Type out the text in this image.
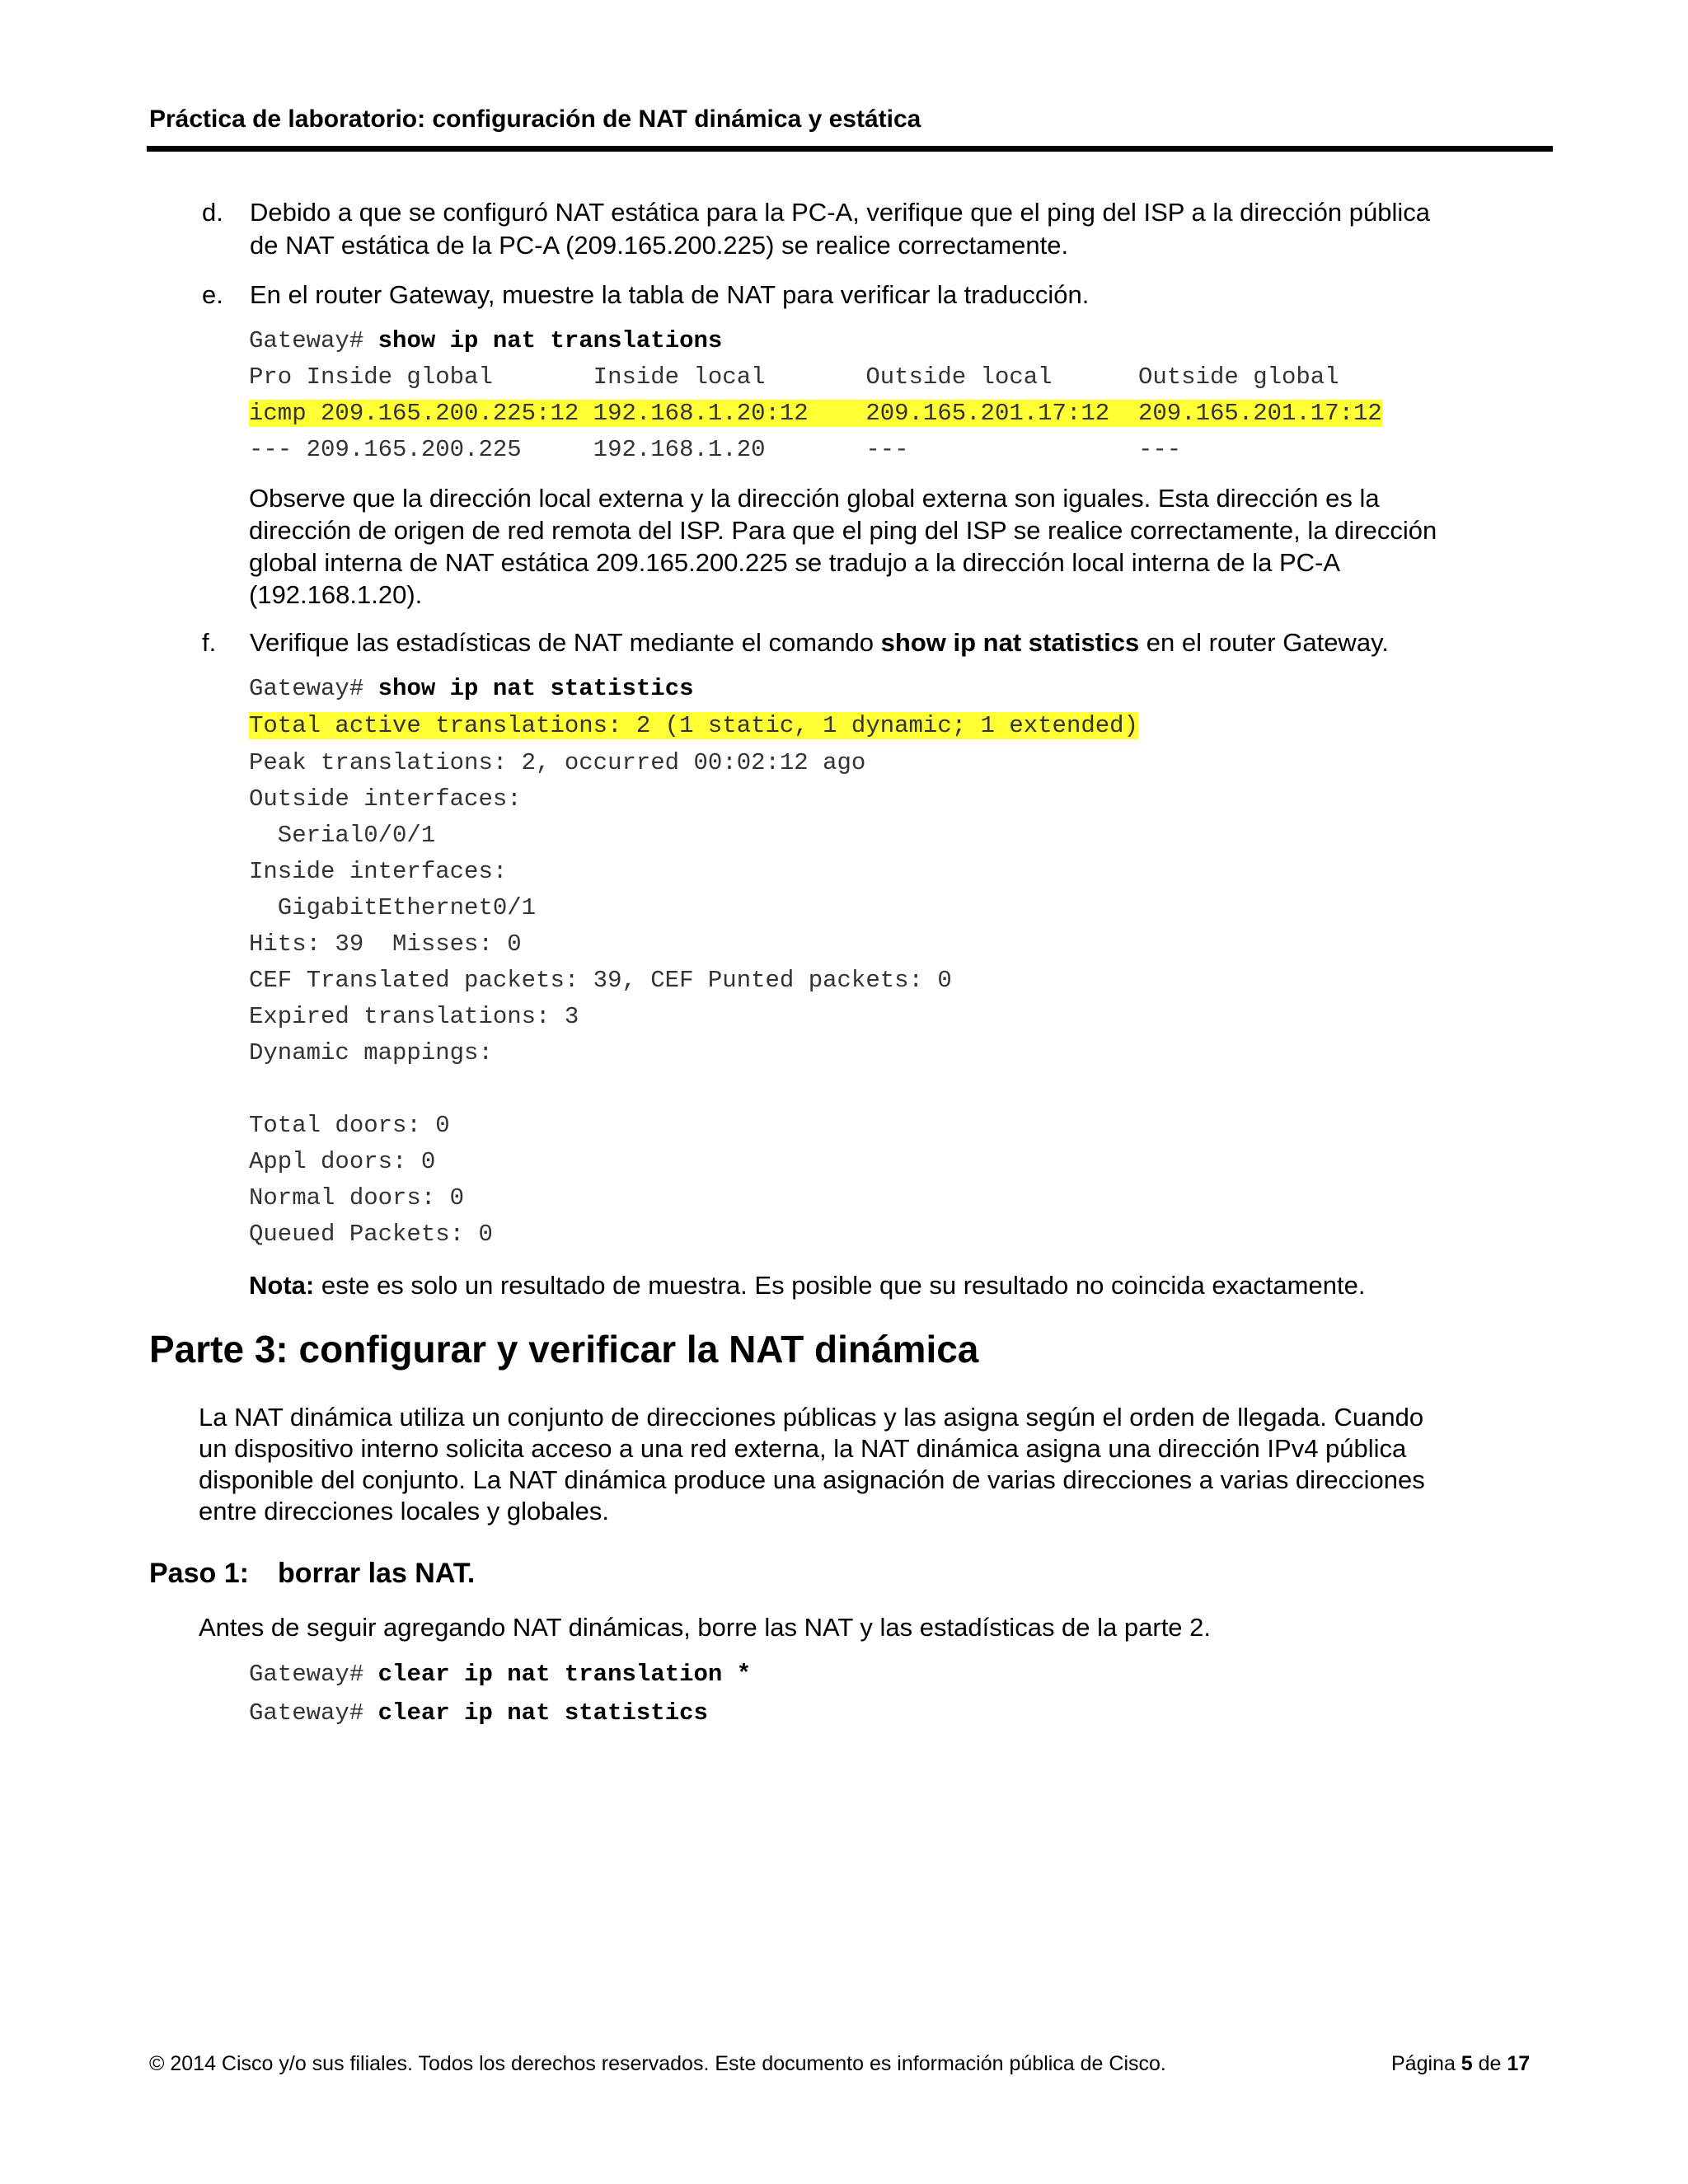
Práctica de laboratorio: configuración de NAT dinámica y estática
d. Debido a que se configuró NAT estática para la PC-A, verifique que el ping del ISP a la dirección pública
de NAT estática de la PC-A (209.165.200.225) se realice correctamente.
e. En el router Gateway, muestre la tabla de NAT para verificar la traducción.
Gateway# show ip nat translations
Pro Inside global       Inside local       Outside local      Outside global
icmp 209.165.200.225:12 192.168.1.20:12    209.165.201.17:12  209.165.201.17:12
--- 209.165.200.225     192.168.1.20       ---                ---
Observe que la dirección local externa y la dirección global externa son iguales. Esta dirección es la
dirección de origen de red remota del ISP. Para que el ping del ISP se realice correctamente, la dirección
global interna de NAT estática 209.165.200.225 se tradujo a la dirección local interna de la PC-A
(192.168.1.20).
f. Verifique las estadísticas de NAT mediante el comando show ip nat statistics en el router Gateway.
Gateway# show ip nat statistics
Total active translations: 2 (1 static, 1 dynamic; 1 extended)
Peak translations: 2, occurred 00:02:12 ago
Outside interfaces:
Serial0/0/1
Inside interfaces:
GigabitEthernet0/1
Hits: 39  Misses: 0
CEF Translated packets: 39, CEF Punted packets: 0
Expired translations: 3
Dynamic mappings:

Total doors: 0
Appl doors: 0
Normal doors: 0
Queued Packets: 0
Nota: este es solo un resultado de muestra. Es posible que su resultado no coincida exactamente.
Parte 3: configurar y verificar la NAT dinámica
La NAT dinámica utiliza un conjunto de direcciones públicas y las asigna según el orden de llegada. Cuando
un dispositivo interno solicita acceso a una red externa, la NAT dinámica asigna una dirección IPv4 pública
disponible del conjunto. La NAT dinámica produce una asignación de varias direcciones a varias direcciones
entre direcciones locales y globales.
Paso 1: borrar las NAT.
Antes de seguir agregando NAT dinámicas, borre las NAT y las estadísticas de la parte 2.
Gateway# clear ip nat translation *
Gateway# clear ip nat statistics
© 2014 Cisco y/o sus filiales. Todos los derechos reservados. Este documento es información pública de Cisco.	Página 5 de 17
